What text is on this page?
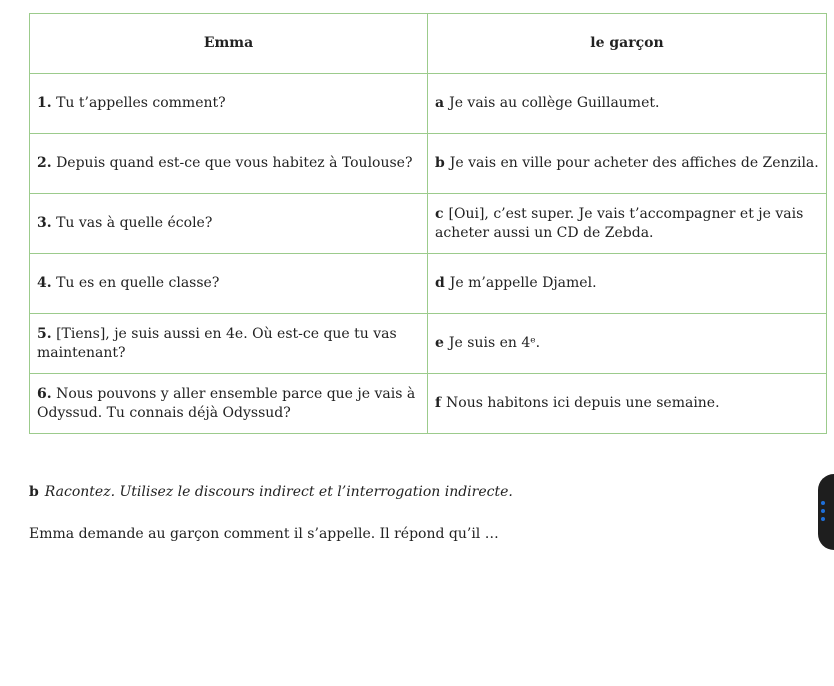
Emma	le garçon
1. Tu t’appelles comment?	a Je vais au collège Guillaumet.
2. Depuis quand est-ce que vous habitez à Toulouse?	b Je vais en ville pour acheter des affiches de Zenzila.
3. Tu vas à quelle école?	c [Oui], c’est super. Je vais t’accompagner et je vais acheter aussi un CD de Zebda.
4. Tu es en quelle classe?	d Je m’appelle Djamel.
5. [Tiens], je suis aussi en 4e. Où est-ce que tu vas maintenant?	e Je suis en 4ᵉ.
6. Nous pouvons y aller ensemble parce que je vais à Odyssud. Tu connais déjà Odyssud?	f Nous habitons ici depuis une semaine.
b Racontez. Utilisez le discours indirect et l’interrogation indirecte.
Emma demande au garçon comment il s’appelle. Il répond qu’il …
